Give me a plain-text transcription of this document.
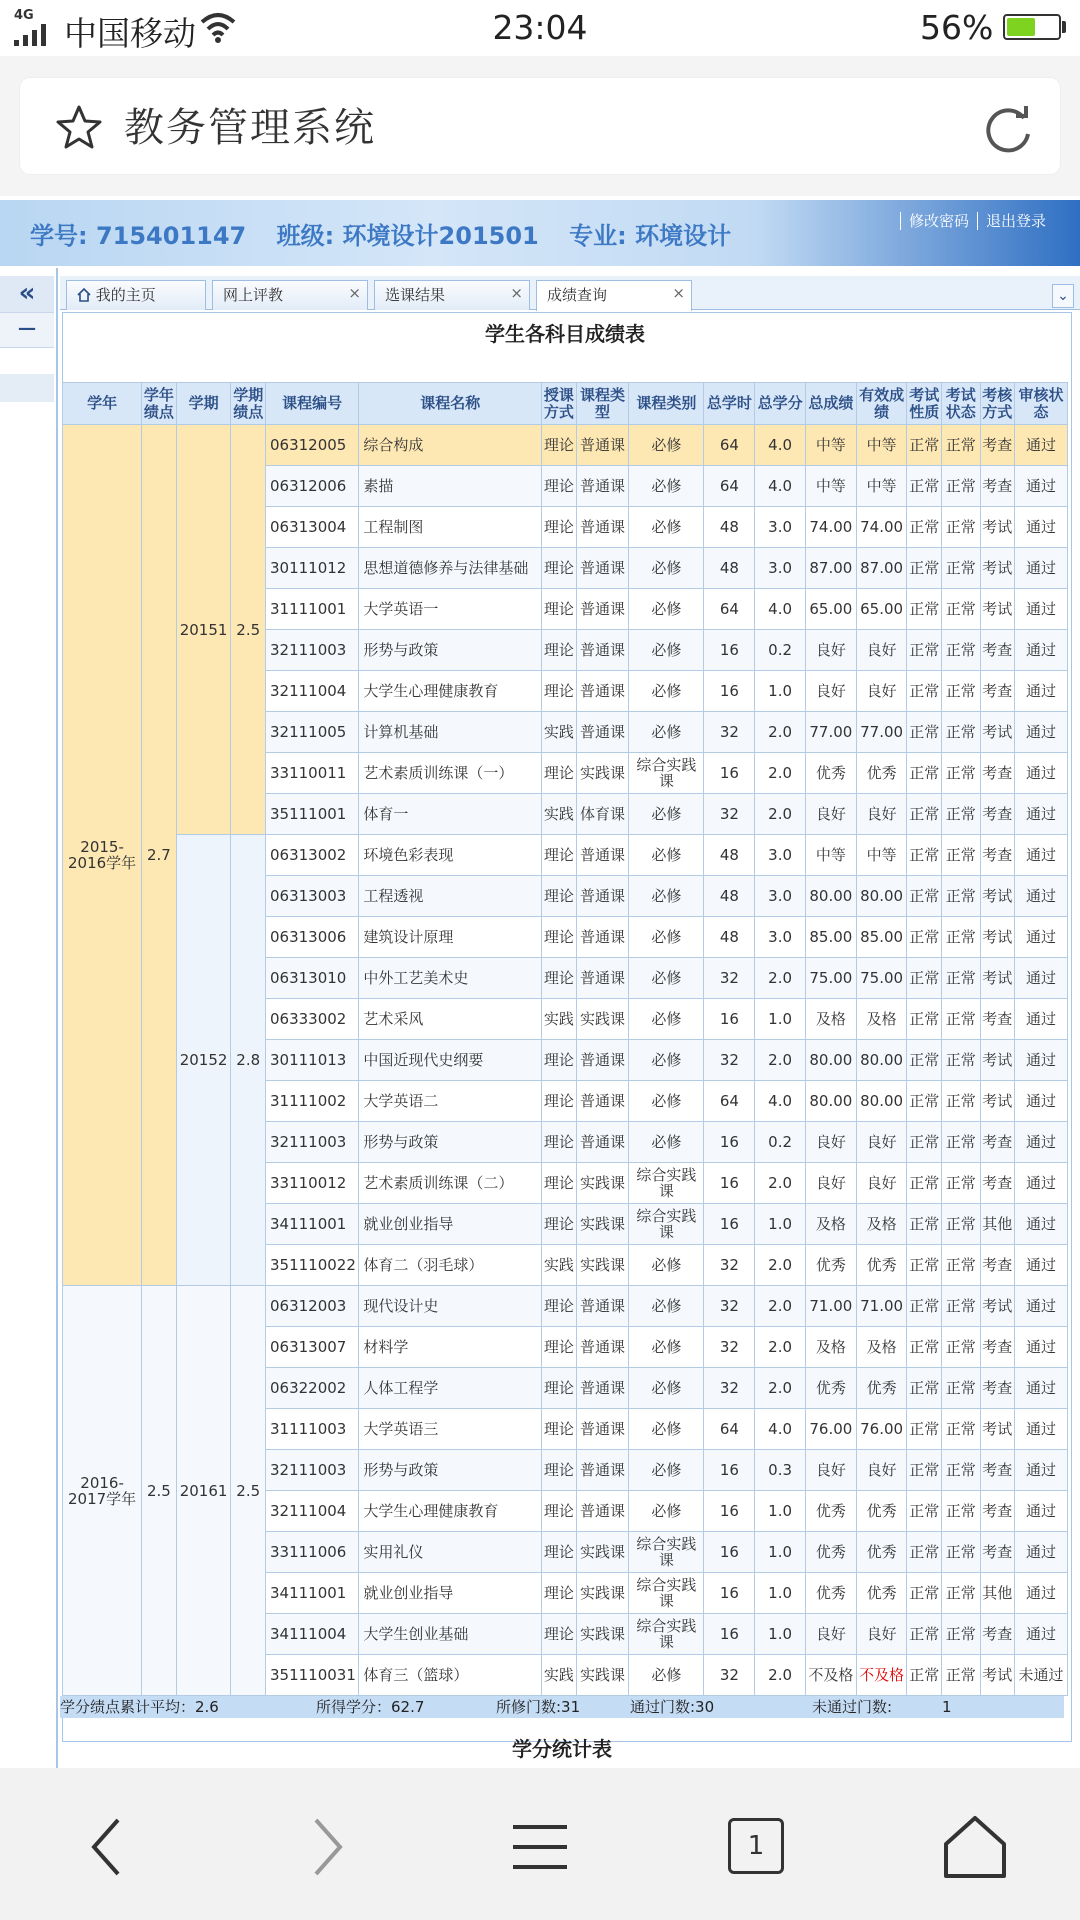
4G 中国移动	23:04	56%
教务管理系统
学号: 715401147 班级: 环境设计201501 专业: 环境设计
修改密码 退出登录
«
−
我的主页	网上评教	×	选课结果	×	成绩查询	×	⌄
学生各科目成绩表
学年	学年绩点	学期	学期绩点	课程编号	课程名称	授课方式	课程类型	课程类别	总学时	总学分	总成绩	有效成绩	考试性质	考试状态	考核方式	审核状态
2015-2016学年	2.7	20151	2.5	06312005	综合构成	理论	普通课	必修	64	4.0	中等	中等	正常	正常	考查	通过
				06312006	素描	理论	普通课	必修	64	4.0	中等	中等	正常	正常	考查	通过
				06313004	工程制图	理论	普通课	必修	48	3.0	74.00	74.00	正常	正常	考试	通过
				30111012	思想道德修养与法律基础	理论	普通课	必修	48	3.0	87.00	87.00	正常	正常	考试	通过
				31111001	大学英语一	理论	普通课	必修	64	4.0	65.00	65.00	正常	正常	考试	通过
				32111003	形势与政策	理论	普通课	必修	16	0.2	良好	良好	正常	正常	考查	通过
				32111004	大学生心理健康教育	理论	普通课	必修	16	1.0	良好	良好	正常	正常	考查	通过
				32111005	计算机基础	实践	普通课	必修	32	2.0	77.00	77.00	正常	正常	考试	通过
				33110011	艺术素质训练课（一）	理论	实践课	综合实践课	16	2.0	优秀	优秀	正常	正常	考查	通过
				35111001	体育一	实践	体育课	必修	32	2.0	良好	良好	正常	正常	考查	通过
		20152	2.8	06313002	环境色彩表现	理论	普通课	必修	48	3.0	中等	中等	正常	正常	考查	通过
				06313003	工程透视	理论	普通课	必修	48	3.0	80.00	80.00	正常	正常	考试	通过
				06313006	建筑设计原理	理论	普通课	必修	48	3.0	85.00	85.00	正常	正常	考试	通过
				06313010	中外工艺美术史	理论	普通课	必修	32	2.0	75.00	75.00	正常	正常	考试	通过
				06333002	艺术采风	实践	实践课	必修	16	1.0	及格	及格	正常	正常	考查	通过
				30111013	中国近现代史纲要	理论	普通课	必修	32	2.0	80.00	80.00	正常	正常	考试	通过
				31111002	大学英语二	理论	普通课	必修	64	4.0	80.00	80.00	正常	正常	考试	通过
				32111003	形势与政策	理论	普通课	必修	16	0.2	良好	良好	正常	正常	考查	通过
				33110012	艺术素质训练课（二）	理论	实践课	综合实践课	16	2.0	良好	良好	正常	正常	考查	通过
				34111001	就业创业指导	理论	实践课	综合实践课	16	1.0	及格	及格	正常	正常	其他	通过
				351110022	体育二（羽毛球）	实践	实践课	必修	32	2.0	优秀	优秀	正常	正常	考查	通过
2016-2017学年	2.5	20161	2.5	06312003	现代设计史	理论	普通课	必修	32	2.0	71.00	71.00	正常	正常	考试	通过
				06313007	材料学	理论	普通课	必修	32	2.0	及格	及格	正常	正常	考查	通过
				06322002	人体工程学	理论	普通课	必修	32	2.0	优秀	优秀	正常	正常	考查	通过
				31111003	大学英语三	理论	普通课	必修	64	4.0	76.00	76.00	正常	正常	考试	通过
				32111003	形势与政策	理论	普通课	必修	16	0.3	良好	良好	正常	正常	考查	通过
				32111004	大学生心理健康教育	理论	普通课	必修	16	1.0	优秀	优秀	正常	正常	考查	通过
				33111006	实用礼仪	理论	实践课	综合实践课	16	1.0	优秀	优秀	正常	正常	考查	通过
				34111001	就业创业指导	理论	实践课	综合实践课	16	1.0	优秀	优秀	正常	正常	其他	通过
				34111004	大学生创业基础	理论	实践课	综合实践课	16	1.0	良好	良好	正常	正常	考查	通过
				351110031	体育三（篮球）	实践	实践课	必修	32	2.0	不及格	不及格	正常	正常	考试	未通过
学分绩点累计平均：2.6	所得学分：62.7	所修门数:31	通过门数:30	未通过门数:	1
学分统计表
1
